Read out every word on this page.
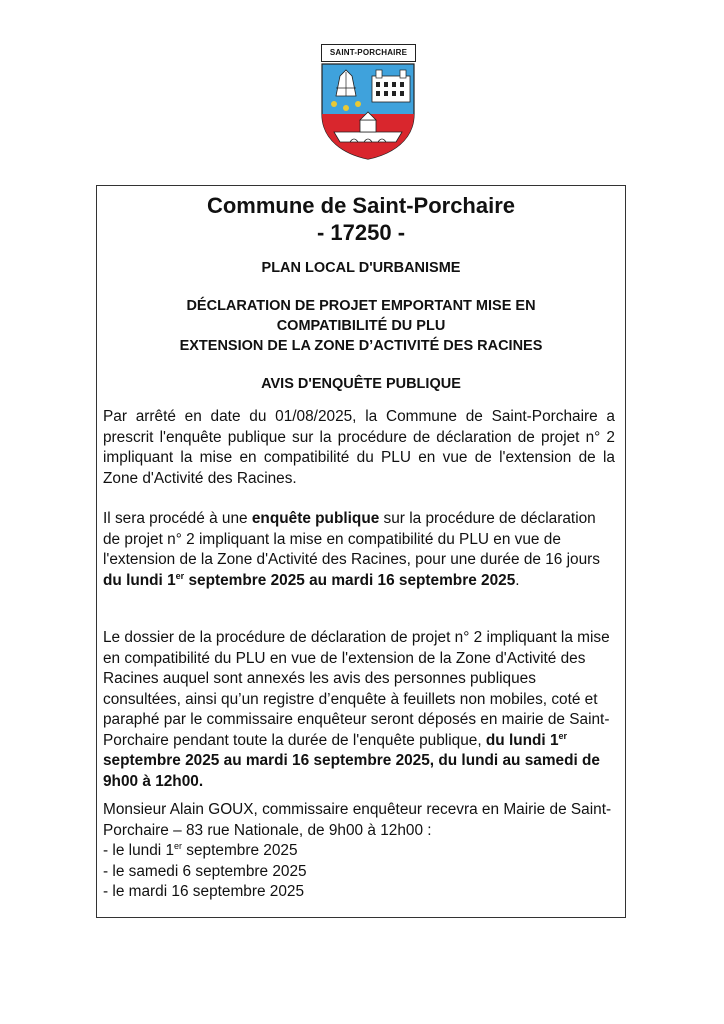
SAINT-PORCHAIRE
Commune de Saint-Porchaire
- 17250 -
PLAN LOCAL D'URBANISME
DÉCLARATION DE PROJET EMPORTANT MISE EN
COMPATIBILITÉ DU PLU
EXTENSION DE LA ZONE D’ACTIVITÉ DES RACINES
AVIS D'ENQUÊTE PUBLIQUE
Par arrêté en date du 01/08/2025, la Commune de Saint-Porchaire a prescrit l'enquête publique sur la procédure de déclaration de projet n° 2 impliquant la mise en compatibilité du PLU en vue de l'extension de la Zone d'Activité des Racines.
Il sera procédé à une enquête publique sur la procédure de déclaration de projet n° 2 impliquant la mise en compatibilité du PLU en vue de l'extension de la Zone d'Activité des Racines, pour une durée de 16 jours du lundi 1er septembre 2025 au mardi 16 septembre 2025.
Le dossier de la procédure de déclaration de projet n° 2 impliquant la mise en compatibilité du PLU en vue de l'extension de la Zone d'Activité des Racines auquel sont annexés les avis des personnes publiques consultées, ainsi qu’un registre d’enquête à feuillets non mobiles, coté et paraphé par le commissaire enquêteur seront déposés en mairie de Saint-Porchaire pendant toute la durée de l'enquête publique, du lundi 1er septembre 2025 au mardi 16 septembre 2025, du lundi au samedi de 9h00 à 12h00.
Monsieur Alain GOUX, commissaire enquêteur recevra en Mairie de Saint-Porchaire – 83 rue Nationale, de 9h00 à 12h00 :
- le lundi 1er septembre 2025
- le samedi 6 septembre 2025
- le mardi 16 septembre 2025
